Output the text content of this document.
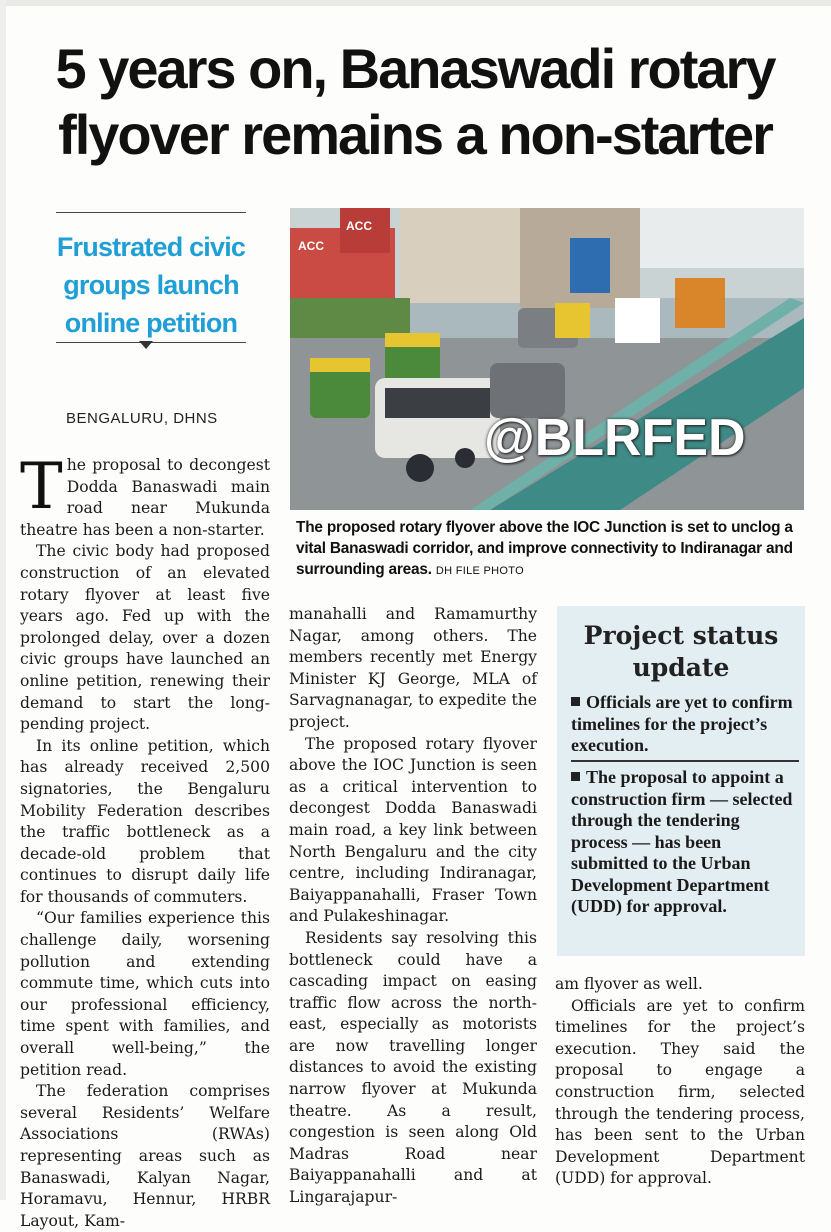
5 years on, Banaswadi rotary flyover remains a non-starter
Frustrated civic groups launch online petition
BENGALURU, DHNS

The proposal to decongest Dodda Banaswadi main road near Mukunda theatre has been a non-starter.

The civic body had proposed construction of an elevated rotary flyover at least five years ago. Fed up with the prolonged delay, over a dozen civic groups have launched an online petition, renewing their demand to start the long-pending project.

In its online petition, which has already received 2,500 signatories, the Bengaluru Mobility Federation describes the traffic bottleneck as a decade-old problem that continues to disrupt daily life for thousands of commuters.

“Our families experience this challenge daily, worsening pollution and extending commute time, which cuts into our professional efficiency, time spent with families, and overall well-being,” the petition read.

The federation comprises several Residents’ Welfare Associations (RWAs) representing areas such as Banaswadi, Kalyan Nagar, Horamavu, Hennur, HRBR Layout, Kam-

ACC
ACC
@BLRFED
The proposed rotary flyover above the IOC Junction is set to unclog a vital Banaswadi corridor, and improve connectivity to Indiranagar and surrounding areas. DH FILE PHOTO

manahalli and Ramamurthy Nagar, among others. The members recently met Energy Minister KJ George, MLA of Sarvagnanagar, to expedite the project.

The proposed rotary flyover above the IOC Junction is seen as a critical intervention to decongest Dodda Banaswadi main road, a key link between North Bengaluru and the city centre, including Indiranagar, Baiyappanahalli, Fraser Town and Pulakeshinagar.

Residents say resolving this bottleneck could have a cascading impact on easing traffic flow across the north-east, especially as motorists are now travelling longer distances to avoid the existing narrow flyover at Mukunda theatre. As a result, congestion is seen along Old Madras Road near Baiyappanahalli and at Lingarajapur-

Project status update
Officials are yet to confirm timelines for the project’s execution.
The proposal to appoint a construction firm — selected through the tendering process — has been submitted to the Urban Development Department (UDD) for approval.

am flyover as well.

Officials are yet to confirm timelines for the project’s execution. They said the proposal to engage a construction firm, selected through the tendering process, has been sent to the Urban Development Department (UDD) for approval.
